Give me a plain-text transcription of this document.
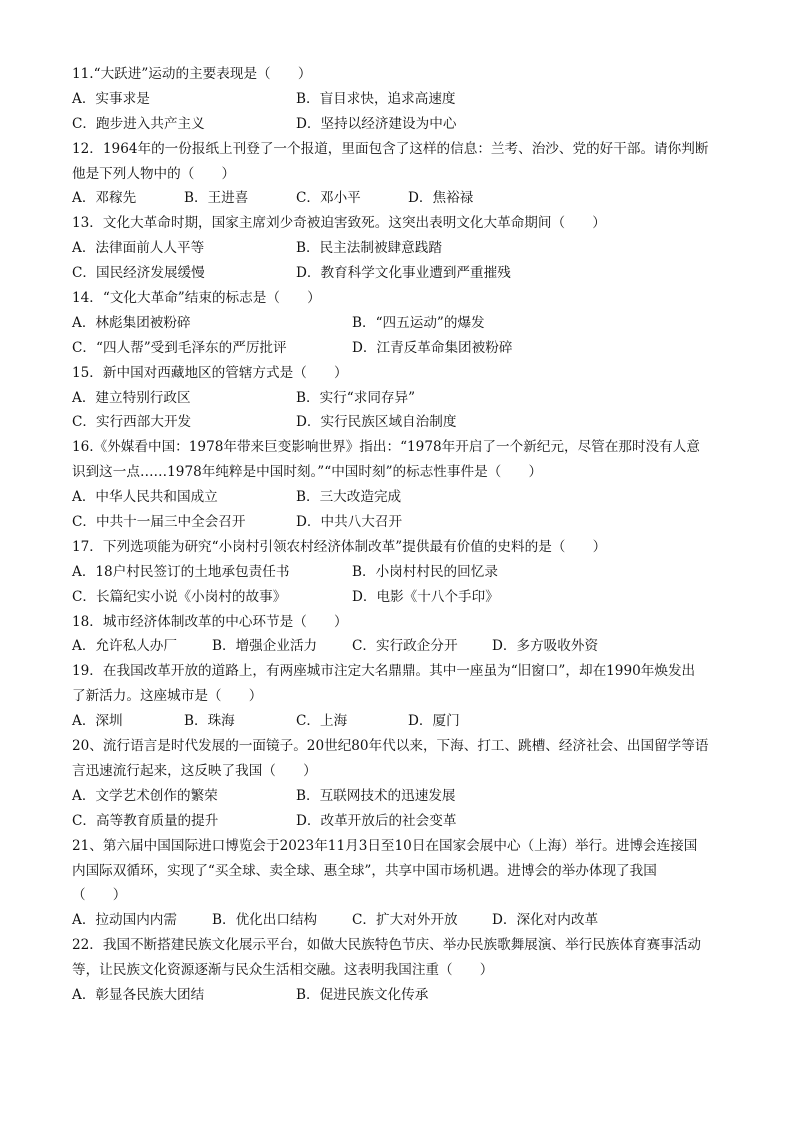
11.“大跃进”运动的主要表现是（　　）
A．实事求是	B．盲目求快，追求高速度
C．跑步进入共产主义	D．坚持以经济建设为中心
12．1964年的一份报纸上刊登了一个报道，里面包含了这样的信息：兰考、治沙、党的好干部。请你判断
他是下列人物中的（　　）
A．邓稼先	B．王进喜	C．邓小平	D．焦裕禄
13．文化大革命时期，国家主席刘少奇被迫害致死。这突出表明文化大革命期间（　　）
A．法律面前人人平等	B．民主法制被肆意践踏
C．国民经济发展缓慢	D．教育科学文化事业遭到严重摧残
14．“文化大革命”结束的标志是（　　）
A．林彪集团被粉碎	B．“四五运动”的爆发
C．“四人帮”受到毛泽东的严厉批评	D．江青反革命集团被粉碎
15．新中国对西藏地区的管辖方式是（　　）
A．建立特别行政区	B．实行“求同存异”
C．实行西部大开发	D．实行民族区域自治制度
16.《外媒看中国：1978年带来巨变影响世界》指出：“1978年开启了一个新纪元，尽管在那时没有人意
识到这一点……1978年纯粹是中国时刻。”“中国时刻”的标志性事件是（　　）
A．中华人民共和国成立	B．三大改造完成
C．中共十一届三中全会召开	D．中共八大召开
17．下列选项能为研究“小岗村引领农村经济体制改革”提供最有价值的史料的是（　　）
A．18户村民签订的土地承包责任书	B．小岗村村民的回忆录
C．长篇纪实小说《小岗村的故事》	D．电影《十八个手印》
18．城市经济体制改革的中心环节是（　　）
A．允许私人办厂	B．增强企业活力	C．实行政企分开	D．多方吸收外资
19．在我国改革开放的道路上，有两座城市注定大名鼎鼎。其中一座虽为“旧窗口”，却在1990年焕发出
了新活力。这座城市是（　　）
A．深圳	B．珠海	C．上海	D．厦门
20、流行语言是时代发展的一面镜子。20世纪80年代以来，下海、打工、跳槽、经济社会、出国留学等语
言迅速流行起来，这反映了我国（　　）
A．文学艺术创作的繁荣	B．互联网技术的迅速发展
C．高等教育质量的提升	D．改革开放后的社会变革
21、第六届中国国际进口博览会于2023年11月3日至10日在国家会展中心（上海）举行。进博会连接国
内国际双循环，实现了“买全球、卖全球、惠全球”，共享中国市场机遇。进博会的举办体现了我国
（　　）
A．拉动国内内需	B．优化出口结构	C．扩大对外开放	D．深化对内改革
22．我国不断搭建民族文化展示平台，如做大民族特色节庆、举办民族歌舞展演、举行民族体育赛事活动
等，让民族文化资源逐渐与民众生活相交融。这表明我国注重（　　）
A．彰显各民族大团结	B．促进民族文化传承
